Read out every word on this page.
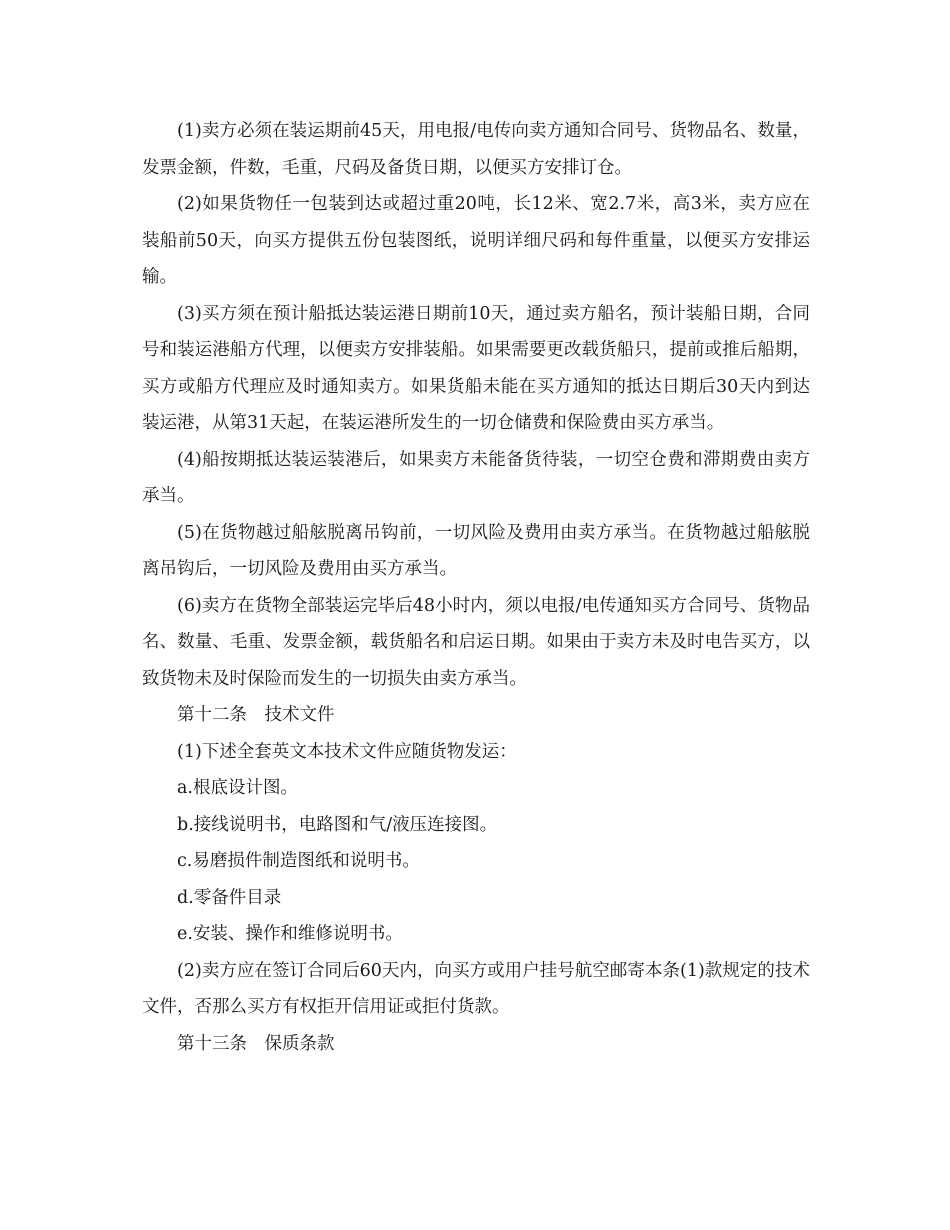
(1)卖方必须在装运期前45天，用电报/电传向卖方通知合同号、货物品名、数量，发票金额，件数，毛重，尺码及备货日期，以便买方安排订仓。

(2)如果货物任一包装到达或超过重20吨，长12米、宽2.7米，高3米，卖方应在装船前50天，向买方提供五份包装图纸，说明详细尺码和每件重量，以便买方安排运输。

(3)买方须在预计船抵达装运港日期前10天，通过卖方船名，预计装船日期，合同号和装运港船方代理，以便卖方安排装船。如果需要更改载货船只，提前或推后船期，买方或船方代理应及时通知卖方。如果货船未能在买方通知的抵达日期后30天内到达装运港，从第31天起，在装运港所发生的一切仓储费和保险费由买方承当。

(4)船按期抵达装运装港后，如果卖方未能备货待装，一切空仓费和滞期费由卖方承当。

(5)在货物越过船舷脱离吊钩前，一切风险及费用由卖方承当。在货物越过船舷脱离吊钩后，一切风险及费用由买方承当。

(6)卖方在货物全部装运完毕后48小时内，须以电报/电传通知买方合同号、货物品名、数量、毛重、发票金额，载货船名和启运日期。如果由于卖方未及时电告买方，以致货物未及时保险而发生的一切损失由卖方承当。

第十二条　技术文件

(1)下述全套英文本技术文件应随货物发运：

a.根底设计图。

b.接线说明书，电路图和气/液压连接图。

c.易磨损件制造图纸和说明书。

d.零备件目录

e.安装、操作和维修说明书。

(2)卖方应在签订合同后60天内，向买方或用户挂号航空邮寄本条(1)款规定的技术文件，否那么买方有权拒开信用证或拒付货款。

第十三条　保质条款
